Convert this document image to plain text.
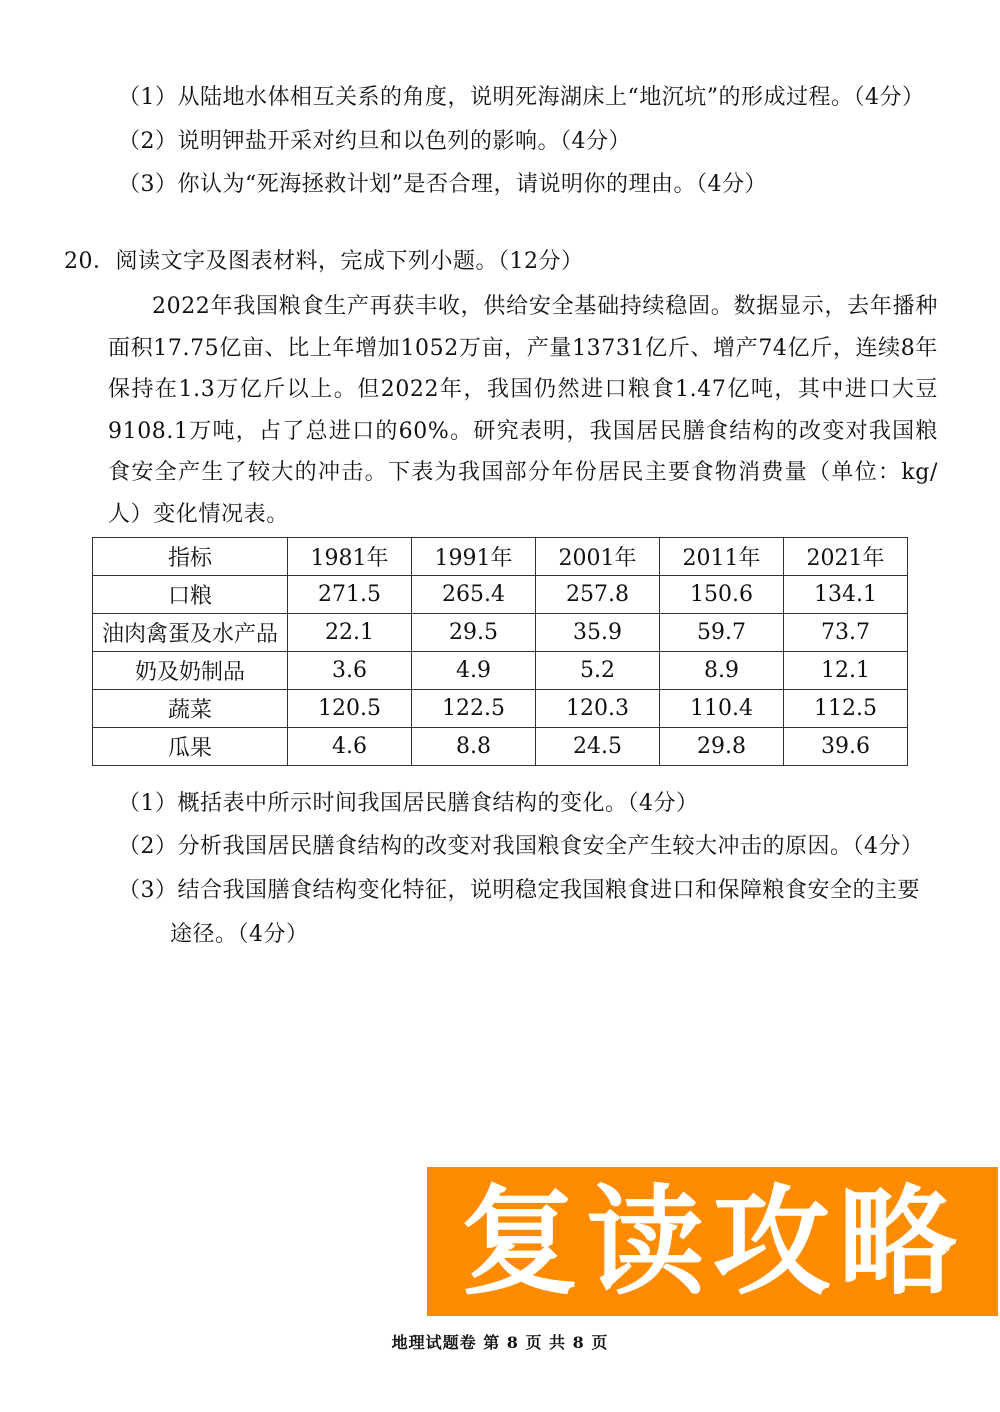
（1）从陆地水体相互关系的角度，说明死海湖床上“地沉坑”的形成过程。（4分）
（2）说明钾盐开采对约旦和以色列的影响。（4分）
（3）你认为“死海拯救计划”是否合理，请说明你的理由。（4分）
20．阅读文字及图表材料，完成下列小题。（12分）
2022年我国粮食生产再获丰收，供给安全基础持续稳固。数据显示，去年播种面积17.75亿亩、比上年增加1052万亩，产量13731亿斤、增产74亿斤，连续8年保持在1.3万亿斤以上。但2022年，我国仍然进口粮食1.47亿吨，其中进口大豆9108.1万吨，占了总进口的60%。研究表明，我国居民膳食结构的改变对我国粮食安全产生了较大的冲击。下表为我国部分年份居民主要食物消费量（单位：kg/人）变化情况表。
指标	1981年	1991年	2001年	2011年	2021年
口粮	271.5	265.4	257.8	150.6	134.1
油肉禽蛋及水产品	22.1	29.5	35.9	59.7	73.7
奶及奶制品	3.6	4.9	5.2	8.9	12.1
蔬菜	120.5	122.5	120.3	110.4	112.5
瓜果	4.6	8.8	24.5	29.8	39.6
（1）概括表中所示时间我国居民膳食结构的变化。（4分）
（2）分析我国居民膳食结构的改变对我国粮食安全产生较大冲击的原因。（4分）
（3）结合我国膳食结构变化特征，说明稳定我国粮食进口和保障粮食安全的主要
途径。（4分）
复读攻略
地理试题卷 第 8 页 共 8 页
